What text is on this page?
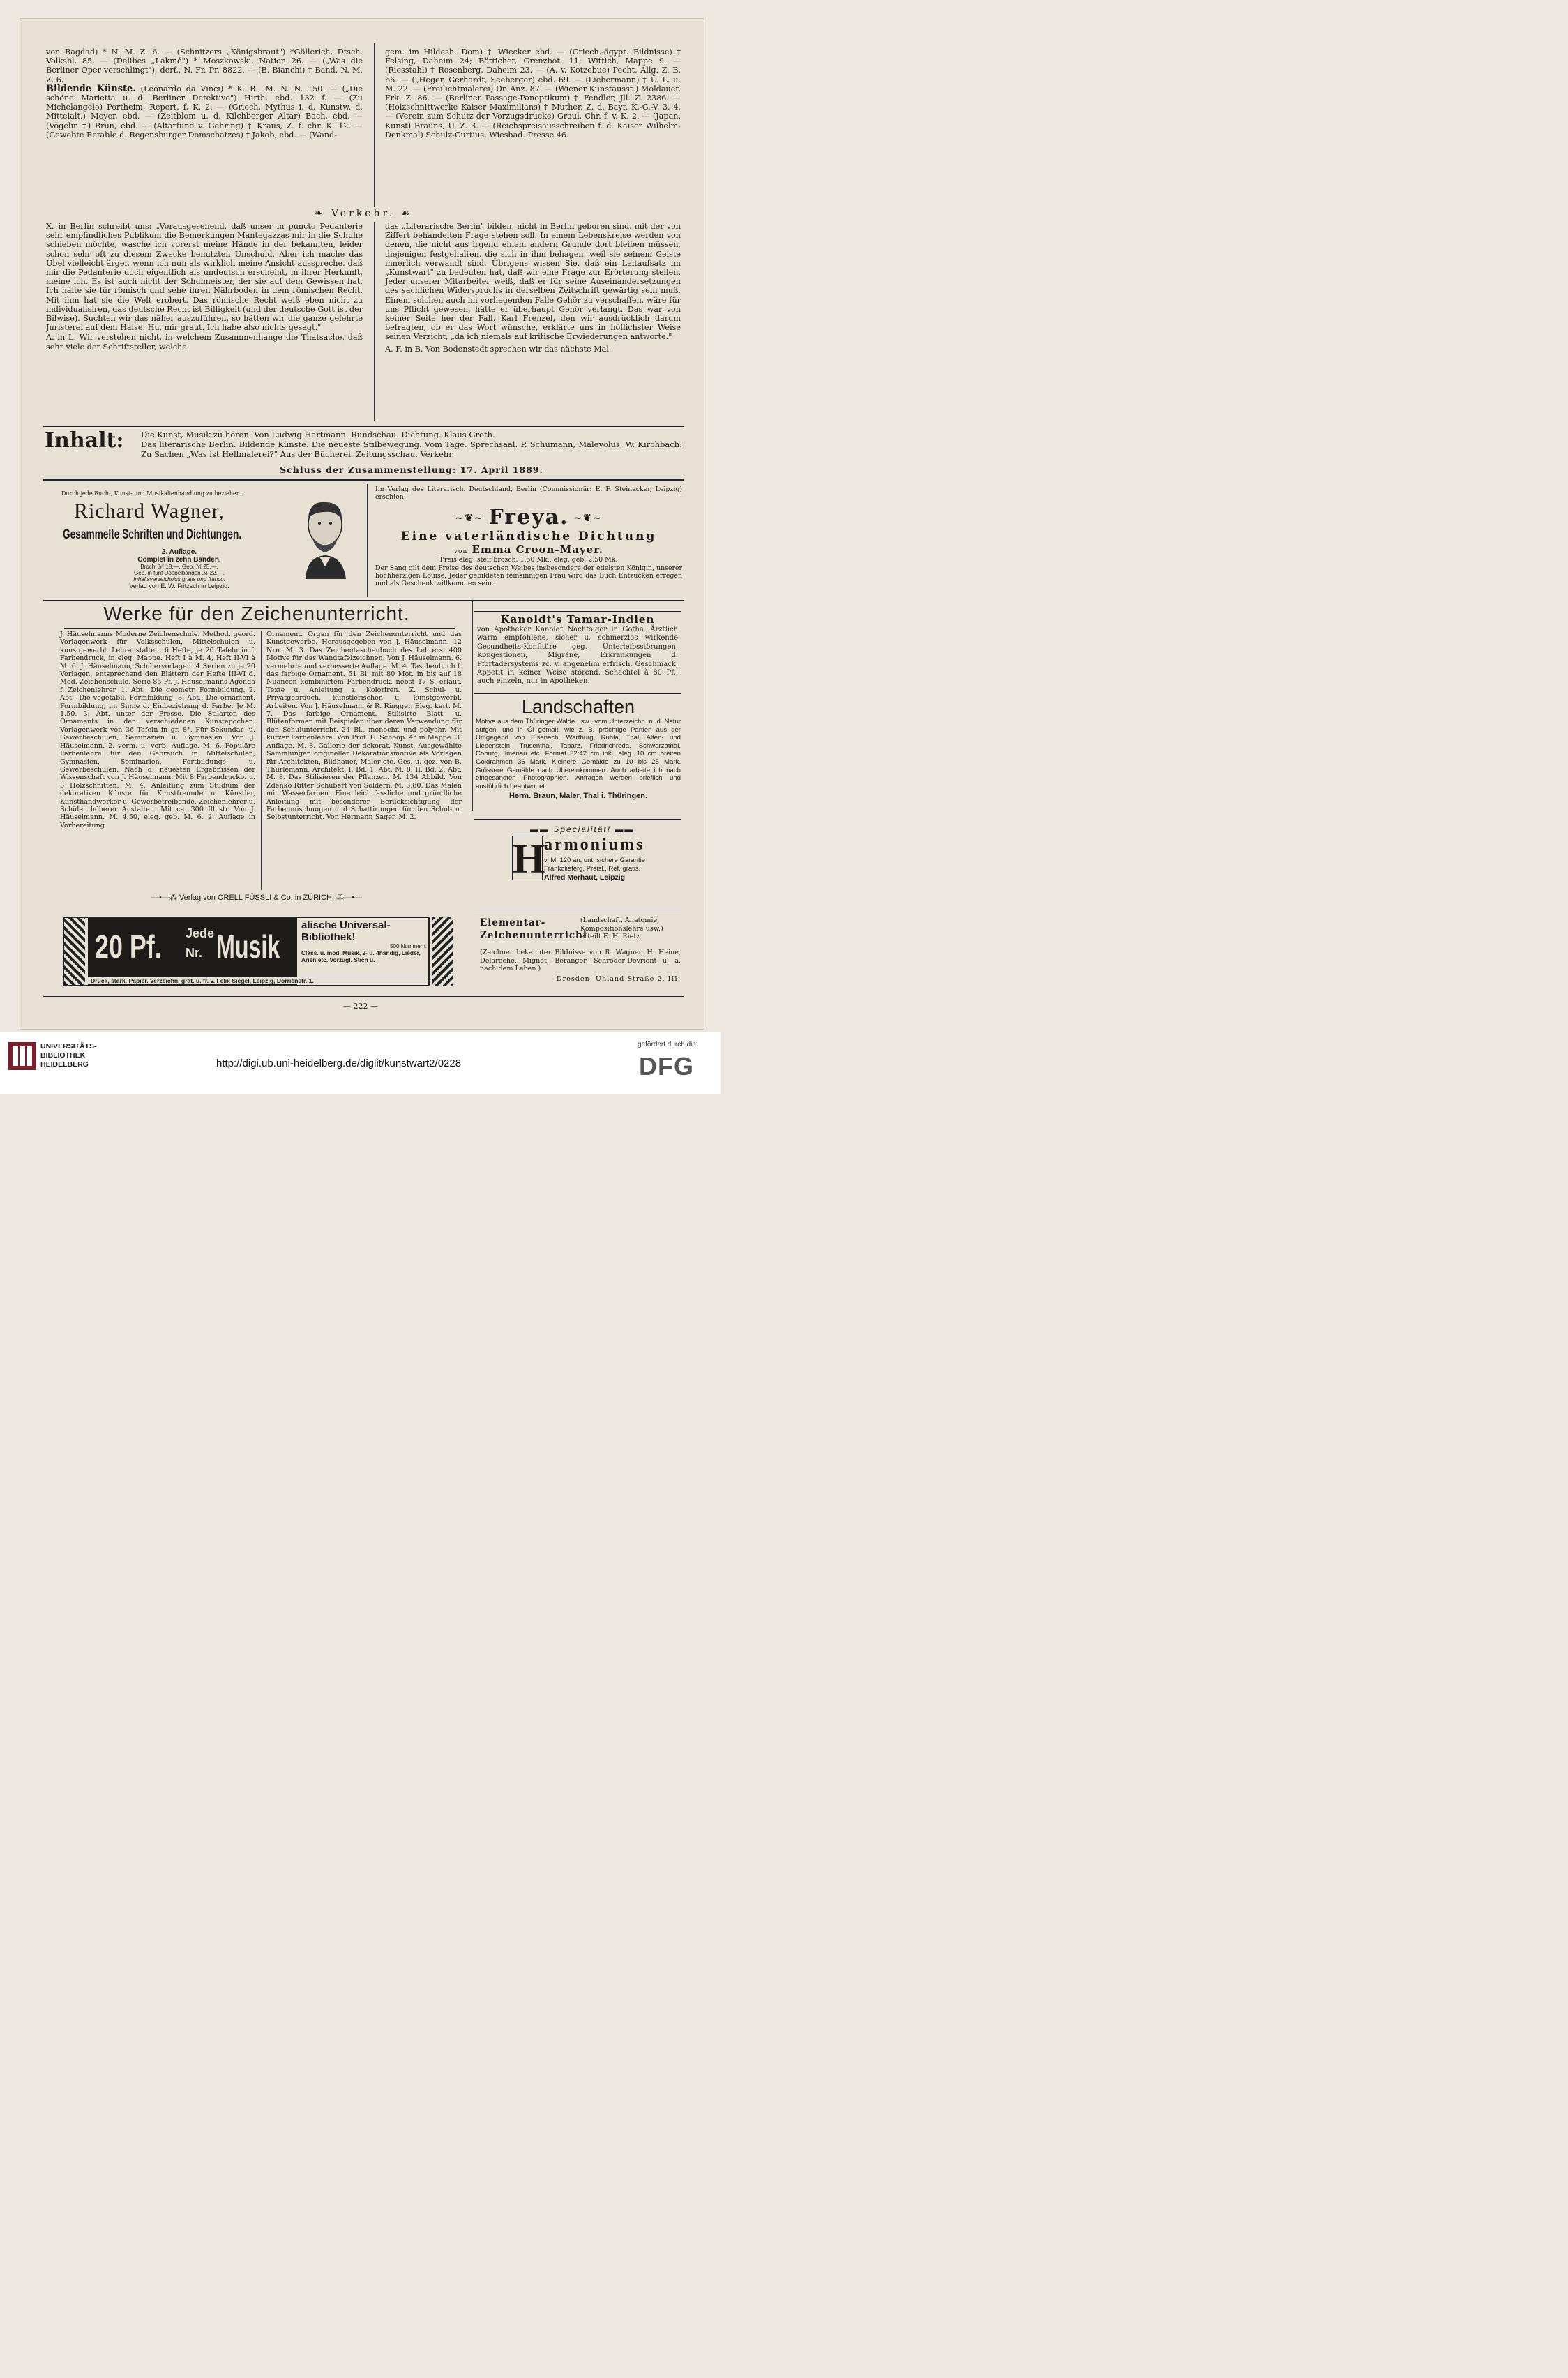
von Bagdad) * N. M. Z. 6. — (Schnitzers „Königsbraut") *Göllerich, Dtsch. Volksbl. 85. — (Delibes „Lakmé") * Moszkowski, Nation 26. — („Was die Berliner Oper verschlingt"), derf., N. Fr. Pr. 8822. — (B. Bianchi) † Band, N. M. Z. 6.

Bildende Künste. (Leonardo da Vinci) * K. B., M. N. N. 150. — („Die schöne Marietta u. d. Berliner Detektive") Hirth, ebd. 132 f. — (Zu Michelangelo) Portheim, Repert. f. K. 2. — (Griech. Mythus i. d. Kunstw. d. Mittelalt.) Meyer, ebd. — (Zeitblom u. d. Kilchberger Altar) Bach, ebd. — (Vögelin †) Brun, ebd. — (Altarfund v. Gehring) † Kraus, Z. f. chr. K. 12. — (Gewebte Retable d. Regensburger Domschatzes) † Jakob, ebd. — (Wand-

gem. im Hildesh. Dom) † Wiecker ebd. — (Griech.-ägypt. Bildnisse) † Felsing, Daheim 24; Bötticher, Grenzbot. 11; Wittich, Mappe 9. — (Riesstahl) † Rosenberg, Daheim 23. — (A. v. Kotzebue) Pecht, Allg. Z. B. 66. — („Heger, Gerhardt, Seeberger) ebd. 69. — (Liebermann) † Ü. L. u. M. 22. — (Freilichtmalerei) Dr. Anz. 87. — (Wiener Kunstausst.) Moldauer, Frk. Z. 86. — (Berliner Passage-Panoptikum) † Fendler, Jll. Z. 2386. — (Holzschnittwerke Kaiser Maximilians) † Muther, Z. d. Bayr. K.-G.-V. 3, 4. — (Verein zum Schutz der Vorzugsdrucke) Graul, Chr. f. v. K. 2. — (Japan. Kunst) Brauns, U. Z. 3. — (Reichspreisausschreiben f. d. Kaiser Wilhelm-Denkmal) Schulz-Curtius, Wiesbad. Presse 46.

❧ Verkehr. ☙

X. in Berlin schreibt uns: „Vorausgesehend, daß unser in puncto Pedanterie sehr empfindliches Publikum die Bemerkungen Mantegazzas mir in die Schuhe schieben möchte, wasche ich vorerst meine Hände in der bekannten, leider schon sehr oft zu diesem Zwecke benutzten Unschuld. Aber ich mache das Übel vielleicht ärger, wenn ich nun als wirklich meine Ansicht ausspreche, daß mir die Pedanterie doch eigentlich als undeutsch erscheint, in ihrer Herkunft, meine ich. Es ist auch nicht der Schulmeister, der sie auf dem Gewissen hat. Ich halte sie für römisch und sehe ihren Nährboden in dem römischen Recht. Mit ihm hat sie die Welt erobert. Das römische Recht weiß eben nicht zu individualisiren, das deutsche Recht ist Billigkeit (und der deutsche Gott ist der Bilwise). Suchten wir das näher auszuführen, so hätten wir die ganze gelehrte Juristerei auf dem Halse. Hu, mir graut. Ich habe also nichts gesagt."

A. in L. Wir verstehen nicht, in welchem Zusammenhange die Thatsache, daß sehr viele der Schriftsteller, welche

das „Literarische Berlin" bilden, nicht in Berlin geboren sind, mit der von Ziffert behandelten Frage stehen soll. In einem Lebenskreise werden von denen, die nicht aus irgend einem andern Grunde dort bleiben müssen, diejenigen festgehalten, die sich in ihm behagen, weil sie seinem Geiste innerlich verwandt sind. Übrigens wissen Sie, daß ein Leitaufsatz im „Kunstwart" zu bedeuten hat, daß wir eine Frage zur Erörterung stellen. Jeder unserer Mitarbeiter weiß, daß er für seine Auseinandersetzungen des sachlichen Widerspruchs in derselben Zeitschrift gewärtig sein muß. Einem solchen auch im vorliegenden Falle Gehör zu verschaffen, wäre für uns Pflicht gewesen, hätte er überhaupt Gehör verlangt. Das war von keiner Seite her der Fall. Karl Frenzel, den wir ausdrücklich darum befragten, ob er das Wort wünsche, erklärte uns in höflichster Weise seinen Verzicht, „da ich niemals auf kritische Erwiederungen antworte."

A. F. in B. Von Bodenstedt sprechen wir das nächste Mal.

Inhalt: Die Kunst, Musik zu hören. Von Ludwig Hartmann. Rundschau. Dichtung. Klaus Groth.

Das literarische Berlin. Bildende Künste. Die neueste Stilbewegung. Vom Tage. Sprechsaal. P. Schumann, Malevolus, W. Kirchbach: Zu Sachen „Was ist Hellmalerei?" Aus der Bücherei. Zeitungsschau. Verkehr.

Schluss der Zusammenstellung: 17. April 1889.
Durch jede Buch-, Kunst- und Musikalienhandlung zu beziehen:
Richard Wagner,
Gesammelte Schriften und Dichtungen.
2. Auflage.
Complet in zehn Bänden.
Broch. ℳ 18,—. Geb. ℳ 25,—.
Geb. in fünf Doppelbänden ℳ 22,—.
Inhaltsverzeichniss gratis und franco.
Verlag von E. W. Fritzsch in Leipzig.
Im Verlag des Literarisch. Deutschland, Berlin (Commissionär: E. F. Steinacker, Leipzig) erschien:
~❦~ Freya. ~❦~
Eine vaterländische Dichtung
von Emma Croon-Mayer.
Preis eleg. steif brosch. 1,50 Mk., eleg. geb. 2,50 Mk.
Der Sang gilt dem Preise des deutschen Weibes insbesondere der edelsten Königin, unserer hochherzigen Louise. Jeder gebildeten feinsinnigen Frau wird das Buch Entzücken erregen und als Geschenk willkommen sein.
Werke für den Zeichenunterricht.
J. Häuselmanns Moderne Zeichenschule. Method. geord. Vorlagenwerk für Volksschulen, Mittelschulen u. kunstgewerbl. Lehranstalten. 6 Hefte, je 20 Tafeln in f. Farbendruck, in eleg. Mappe. Heft I à M. 4, Heft II-VI à M. 6. J. Häuselmann, Schülervorlagen. 4 Serien zu je 20 Vorlagen, entsprechend den Blättern der Hefte III-VI d. Mod. Zeichenschule. Serie 85 Pf. J. Häuselmanns Agenda f. Zeichenlehrer. 1. Abt.: Die geometr. Formbildung. 2. Abt.: Die vegetabil. Formbildung. 3. Abt.: Die ornament. Formbildung, im Sinne d. Einbeziehung d. Farbe. Je M. 1.50. 3. Abt. unter der Presse. Die Stilarten des Ornaments in den verschiedenen Kunstepochen. Vorlagenwerk von 36 Tafeln in gr. 8°. Für Sekundar- u. Gewerbeschulen, Seminarien u. Gymnasien. Von J. Häuselmann. 2. verm. u. verb. Auflage. M. 6. Populäre Farbenlehre für den Gebrauch in Mittelschulen, Gymnasien, Seminarien, Fortbildungs- u. Gewerbeschulen. Nach d. neuesten Ergebnissen der Wissenschaft von J. Häuselmann. Mit 8 Farbendruckb. u. 3 Holzschnitten. M. 4. Anleitung zum Studium der dekorativen Künste für Kunstfreunde u. Künstler, Kunsthandwerker u. Gewerbetreibende, Zeichenlehrer u. Schüler höherer Anstalten. Mit ca. 300 Illustr. Von J. Häuselmann. M. 4.50, eleg. geb. M. 6. 2. Auflage in Vorbereitung.
Ornament. Organ für den Zeichenunterricht und das Kunstgewerbe. Herausgegeben von J. Häuselmann. 12 Nrn. M. 3. Das Zeichentaschenbuch des Lehrers. 400 Motive für das Wandtafelzeichnen. Von J. Häuselmann. 6. vermehrte und verbesserte Auflage. M. 4. Taschenbuch f. das farbige Ornament. 51 Bl. mit 80 Mot. in bis auf 18 Nuancen kombinirtem Farbendruck, nebst 17 S. erläut. Texte u. Anleitung z. Koloriren. Z. Schul- u. Privatgebrauch, künstlerischen u. kunstgewerbl. Arbeiten. Von J. Häuselmann & R. Ringger. Eleg. kart. M. 7. Das farbige Ornament. Stilisirte Blatt- u. Blütenformen mit Beispielen über deren Verwendung für den Schulunterricht. 24 Bl., monochr. und polychr. Mit kurzer Farbenlehre. Von Prof. U. Schoop. 4° in Mappe. 3. Auflage. M. 8. Gallerie der dekorat. Kunst. Ausgewählte Sammlungen origineller Dekorationsmotive als Vorlagen für Architekten, Bildhauer, Maler etc. Ges. u. gez. von B. Thürlemann, Architekt. I. Bd. 1. Abt. M. 8. II. Bd. 2. Abt. M. 8. Das Stilisieren der Pflanzen. M. 134 Abbild. Von Zdenko Ritter Schubert von Soldern. M. 3,80. Das Malen mit Wasserfarben. Eine leichtfassliche und gründliche Anleitung mit besonderer Berücksichtigung der Farbenmischungen und Schattirungen für den Schul- u. Selbstunterricht. Von Hermann Sager. M. 2.
—•—⁂ Verlag von ORELL FÜSSLI & Co. in ZÜRICH. ⁂—•—
Kanoldt's Tamar-Indien
von Apotheker Kanoldt Nachfolger in Gotha. Ärztlich warm empfohlene, sicher u. schmerzlos wirkende Gesundheits-Konfitüre geg. Unterleibsstörungen, Kongestionen, Migräne, Erkrankungen d. Pfortadersystems zc. v. angenehm erfrisch. Geschmack, Appetit in keiner Weise störend. Schachtel à 80 Pf., auch einzeln, nur in Apotheken.
Landschaften
Motive aus dem Thüringer Walde usw., vom Unterzeichn. n. d. Natur aufgen. und in Öl gemalt, wie z. B. prächtige Partien aus der Umgegend von Eisenach, Wartburg, Ruhla, Thal, Alten- und Liebenstein, Trusenthal, Tabarz, Friedrichroda, Schwarzathal, Coburg, Ilmenau etc. Format 32:42 cm inkl. eleg. 10 cm breiten Goldrahmen 36 Mark. Kleinere Gemälde zu 10 bis 25 Mark. Grössere Gemälde nach Übereinkommen. Auch arbeite ich nach eingesandten Photographien. Anfragen werden brieflich und ausführlich beantwortet.
Herm. Braun, Maler, Thal i. Thüringen.
▬▬ Specialität! ▬▬
H
armoniums
v. M. 120 an, unt. sichere Garantie
Frankolieferg. Preisl., Ref. gratis.
Alfred Merhaut, Leipzig
20 Pf. Jede
Nr. Musik
alische Universal-Bibliothek!
500 Nummern.
Class. u. mod. Musik, 2- u. 4händig, Lieder, Arien etc. Vorzügl. Stich u.
Druck, stark. Papier. Verzeichn. grat. u. fr. v. Felix Siegel, Leipzig, Dörrienstr. 1.
Elementar- Zeichenunterricht
(Landschaft, Anatomie, Kompositionslehre usw.) erteilt E. H. Rietz
(Zeichner bekannter Bildnisse von R. Wagner, H. Heine, Delaroche, Mignet, Beranger, Schröder-Devrient u. a. nach dem Leben.)
Dresden, Uhland-Straße 2, III.
— 222 —
UNIVERSITÄTS-
BIBLIOTHEK
HEIDELBERG	http://digi.ub.uni-heidelberg.de/diglit/kunstwart2/0228
gefördert durch die
DFG
